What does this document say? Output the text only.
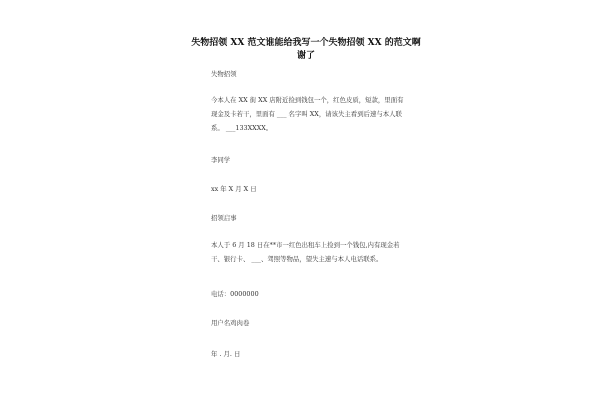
失物招领 XX 范文谁能给我写一个失物招领 XX 的范文啊谢了

失物招领

今本人在 XX 街 XX 店附近捡到钱包一个，红色皮质，短款，里面有现金及卡若干，里面有 ___ 名字叫 XX，请该失主看到后速与本人联系。 ___133XXXX。

李同学

xx 年 X 月 X 日

招领启事

本人于 6 月 18 日在**市一红色出租车上捡到一个钱包,内有现金若干、银行卡、 ___、驾照等物品，望失主速与本人电话联系。

电话：0000000

用户名鸡肉卷

年 . 月. 日
